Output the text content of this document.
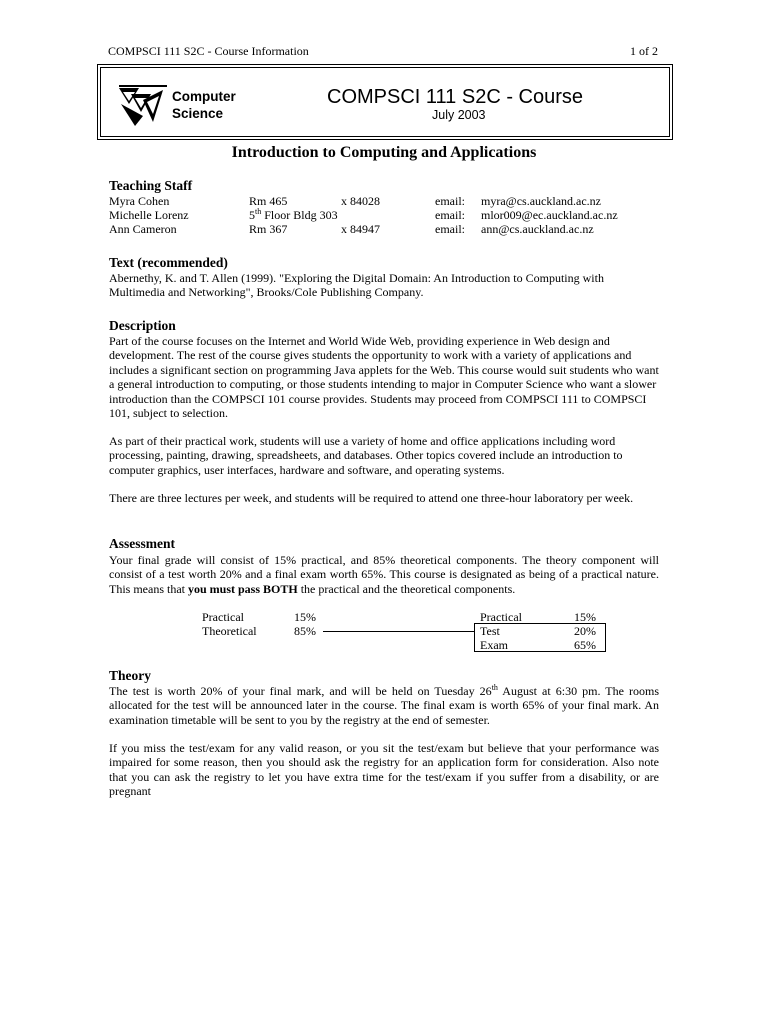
COMPSCI 111 S2C - Course Information	1 of 2
Computer
Science
COMPSCI 111 S2C - Course
July 2003
Introduction to Computing and Applications
Teaching Staff
Myra Cohen	Rm 465	x 84028	email: myra@cs.auckland.ac.nz
Michelle Lorenz	5th Floor Bldg 303	email: mlor009@ec.auckland.ac.nz
Ann Cameron	Rm 367	x 84947	email: ann@cs.auckland.ac.nz
Text (recommended)

Abernethy, K. and T. Allen (1999). "Exploring the Digital Domain: An Introduction to Computing with Multimedia and Networking", Brooks/Cole Publishing Company.

Description

Part of the course focuses on the Internet and World Wide Web, providing experience in Web design and development. The rest of the course gives students the opportunity to work with a variety of applications and includes a significant section on programming Java applets for the Web. This course would suit students who want a general introduction to computing, or those students intending to major in Computer Science who want a slower introduction than the COMPSCI 101 course provides. Students may proceed from COMPSCI 111 to COMPSCI 101, subject to selection.

As part of their practical work, students will use a variety of home and office applications including word processing, painting, drawing, spreadsheets, and databases. Other topics covered include an introduction to computer graphics, user interfaces, hardware and software, and operating systems.

There are three lectures per week, and students will be required to attend one three-hour laboratory per week.

Assessment

Your final grade will consist of 15% practical, and 85% theoretical components. The theory component will consist of a test worth 20% and a final exam worth 65%. This course is designated as being of a practical nature. This means that you must pass BOTH the practical and the theoretical components.

Practical	15%
Theoretical	85%
Practical	15%
Test	20%
Exam	65%
Theory

The test is worth 20% of your final mark, and will be held on Tuesday 26th August at 6:30 pm. The rooms allocated for the test will be announced later in the course. The final exam is worth 65% of your final mark. An examination timetable will be sent to you by the registry at the end of semester.

If you miss the test/exam for any valid reason, or you sit the test/exam but believe that your performance was impaired for some reason, then you should ask the registry for an application form for consideration. Also note that you can ask the registry to let you have extra time for the test/exam if you suffer from a disability, or are pregnant
